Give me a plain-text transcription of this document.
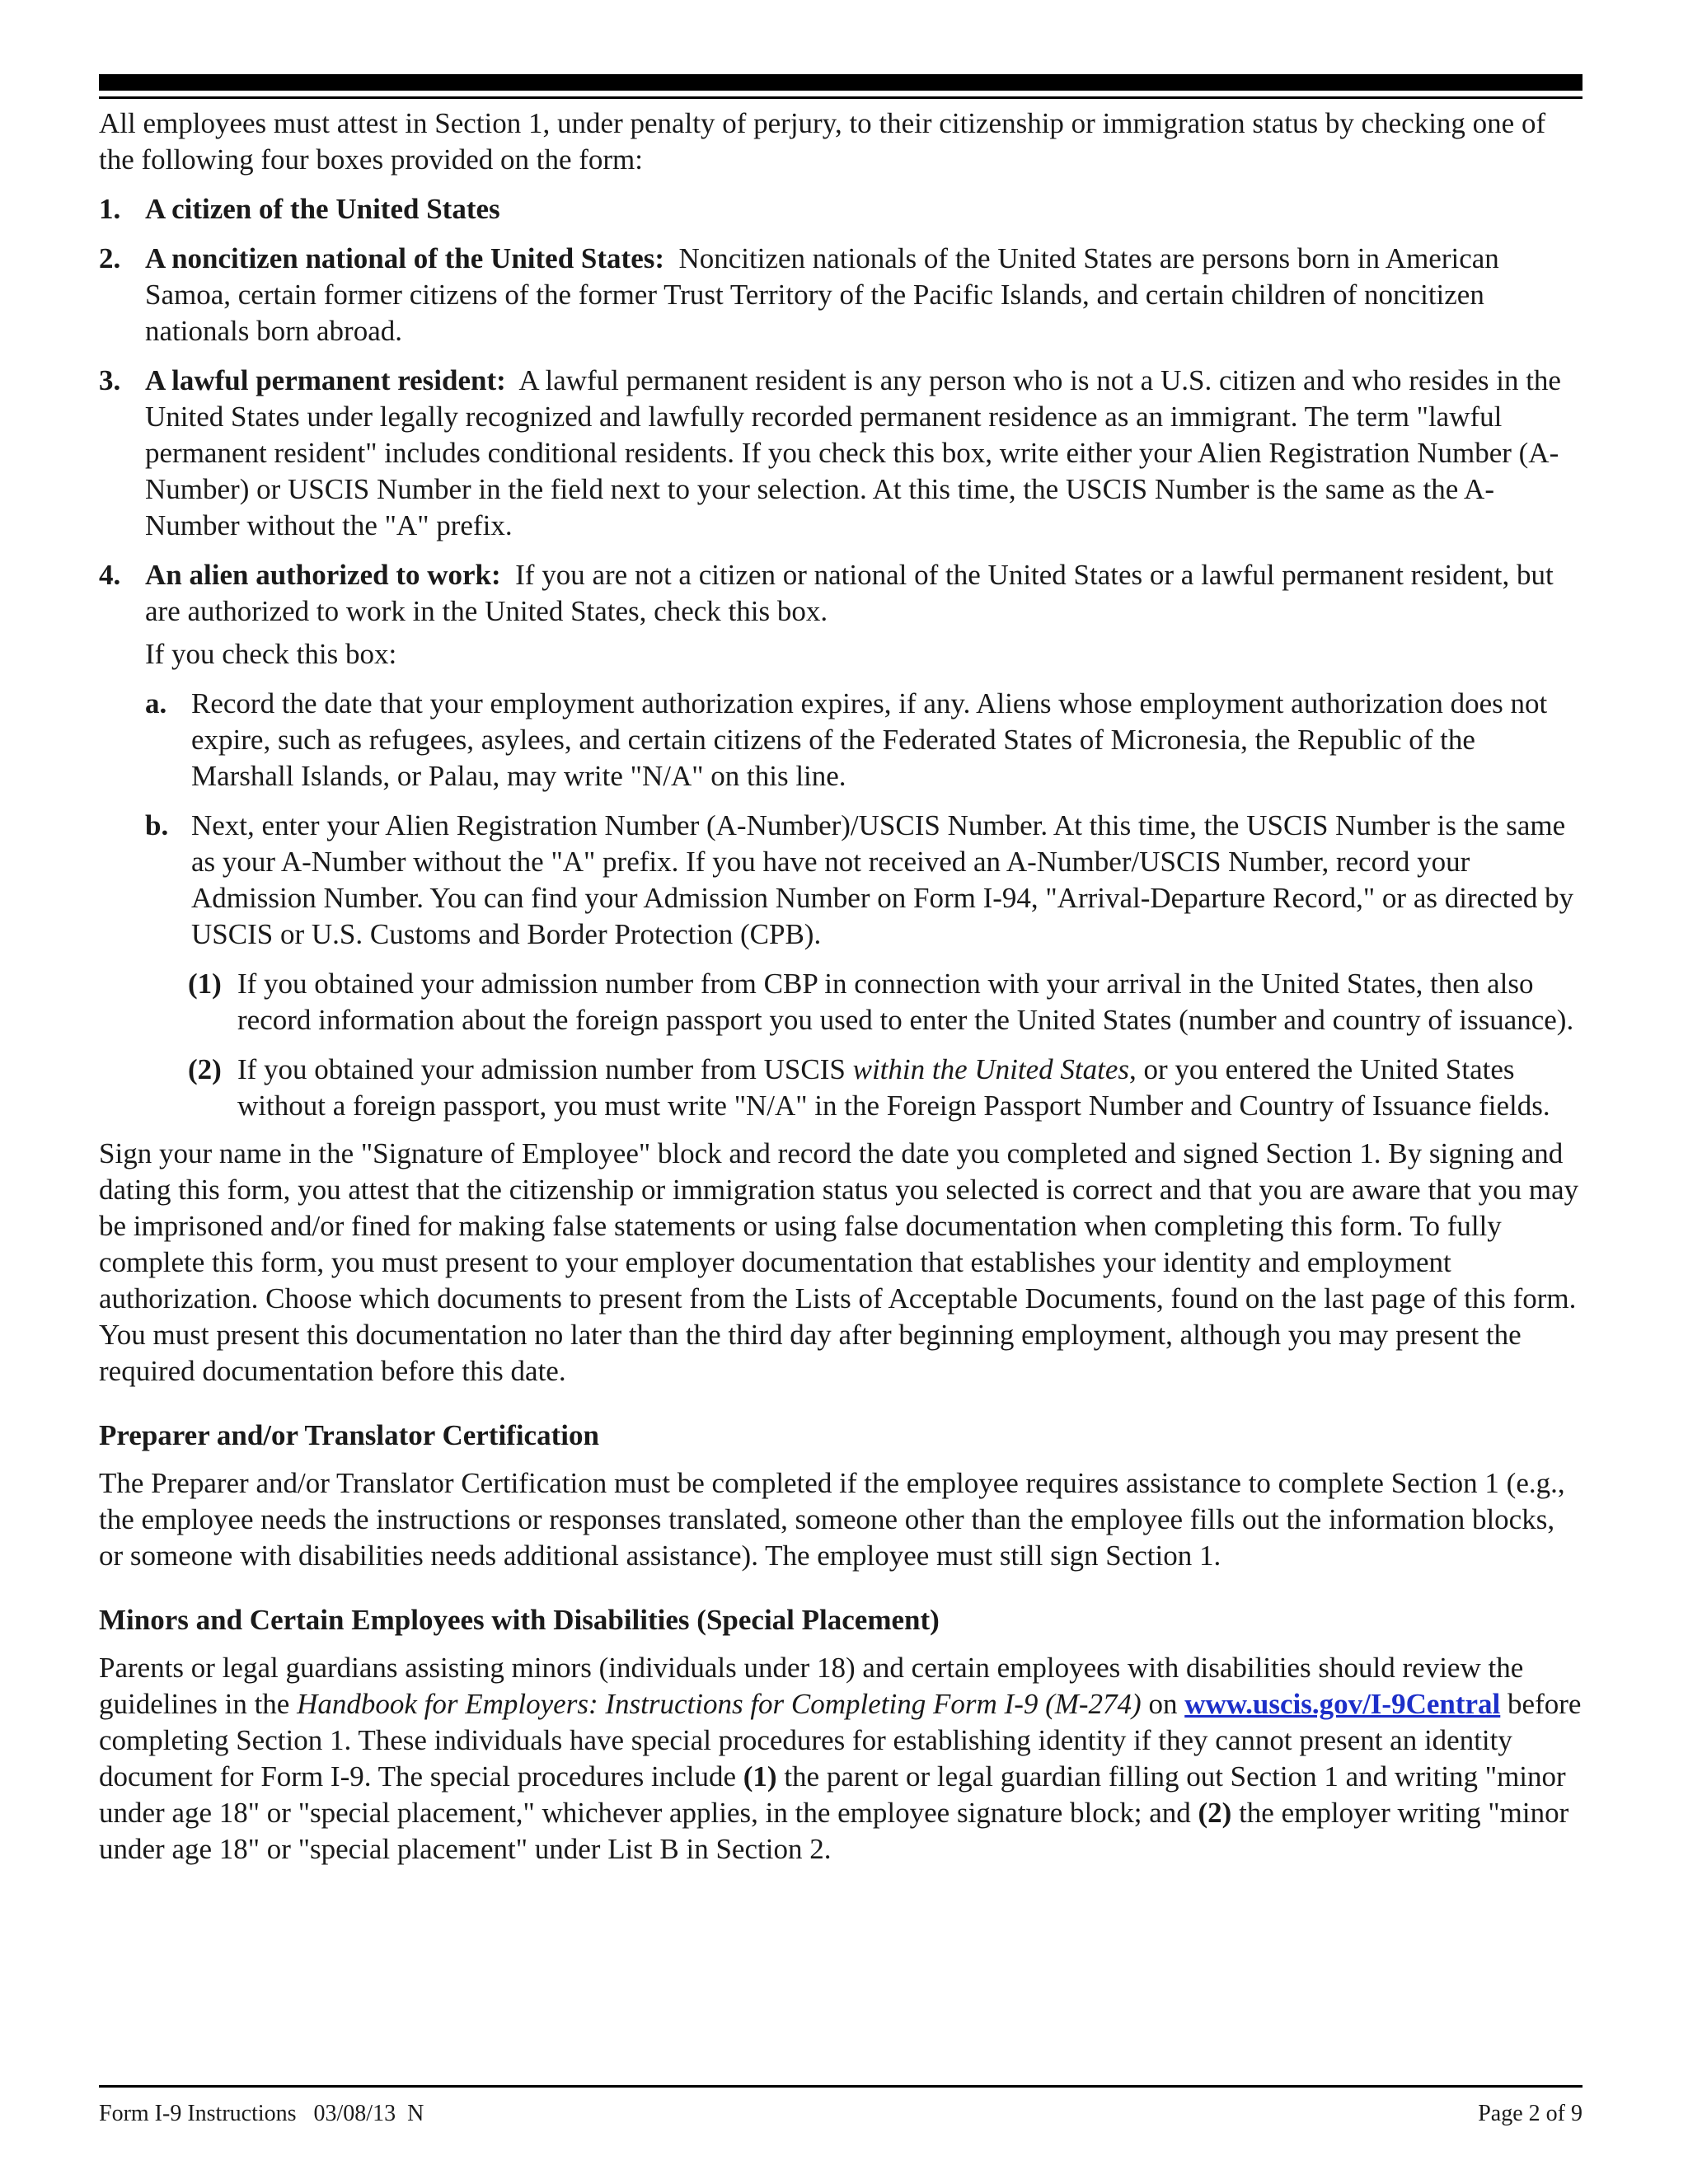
All employees must attest in Section 1, under penalty of perjury, to their citizenship or immigration status by checking one of the following four boxes provided on the form:

1. A citizen of the United States
2. A noncitizen national of the United States: Noncitizen nationals of the United States are persons born in American Samoa, certain former citizens of the former Trust Territory of the Pacific Islands, and certain children of noncitizen nationals born abroad.
3. A lawful permanent resident: A lawful permanent resident is any person who is not a U.S. citizen and who resides in the United States under legally recognized and lawfully recorded permanent residence as an immigrant. The term "lawful permanent resident" includes conditional residents. If you check this box, write either your Alien Registration Number (A-Number) or USCIS Number in the field next to your selection. At this time, the USCIS Number is the same as the A-Number without the "A" prefix.
4. An alien authorized to work: If you are not a citizen or national of the United States or a lawful permanent resident, but are authorized to work in the United States, check this box.

If you check this box:

a. Record the date that your employment authorization expires, if any. Aliens whose employment authorization does not expire, such as refugees, asylees, and certain citizens of the Federated States of Micronesia, the Republic of the Marshall Islands, or Palau, may write "N/A" on this line.
b. Next, enter your Alien Registration Number (A-Number)/USCIS Number. At this time, the USCIS Number is the same as your A-Number without the "A" prefix. If you have not received an A-Number/USCIS Number, record your Admission Number. You can find your Admission Number on Form I-94, "Arrival-Departure Record," or as directed by USCIS or U.S. Customs and Border Protection (CPB).
(1) If you obtained your admission number from CBP in connection with your arrival in the United States, then also record information about the foreign passport you used to enter the United States (number and country of issuance).
(2) If you obtained your admission number from USCIS within the United States, or you entered the United States without a foreign passport, you must write "N/A" in the Foreign Passport Number and Country of Issuance fields.

Sign your name in the "Signature of Employee" block and record the date you completed and signed Section 1. By signing and dating this form, you attest that the citizenship or immigration status you selected is correct and that you are aware that you may be imprisoned and/or fined for making false statements or using false documentation when completing this form. To fully complete this form, you must present to your employer documentation that establishes your identity and employment authorization. Choose which documents to present from the Lists of Acceptable Documents, found on the last page of this form. You must present this documentation no later than the third day after beginning employment, although you may present the required documentation before this date.

Preparer and/or Translator Certification

The Preparer and/or Translator Certification must be completed if the employee requires assistance to complete Section 1 (e.g., the employee needs the instructions or responses translated, someone other than the employee fills out the information blocks, or someone with disabilities needs additional assistance). The employee must still sign Section 1.

Minors and Certain Employees with Disabilities (Special Placement)

Parents or legal guardians assisting minors (individuals under 18) and certain employees with disabilities should review the guidelines in the Handbook for Employers: Instructions for Completing Form I-9 (M-274) on www.uscis.gov/I-9Central before completing Section 1. These individuals have special procedures for establishing identity if they cannot present an identity document for Form I-9. The special procedures include (1) the parent or legal guardian filling out Section 1 and writing "minor under age 18" or "special placement," whichever applies, in the employee signature block; and (2) the employer writing "minor under age 18" or "special placement" under List B in Section 2.

Form I-9 Instructions   03/08/13  N	Page 2 of 9
